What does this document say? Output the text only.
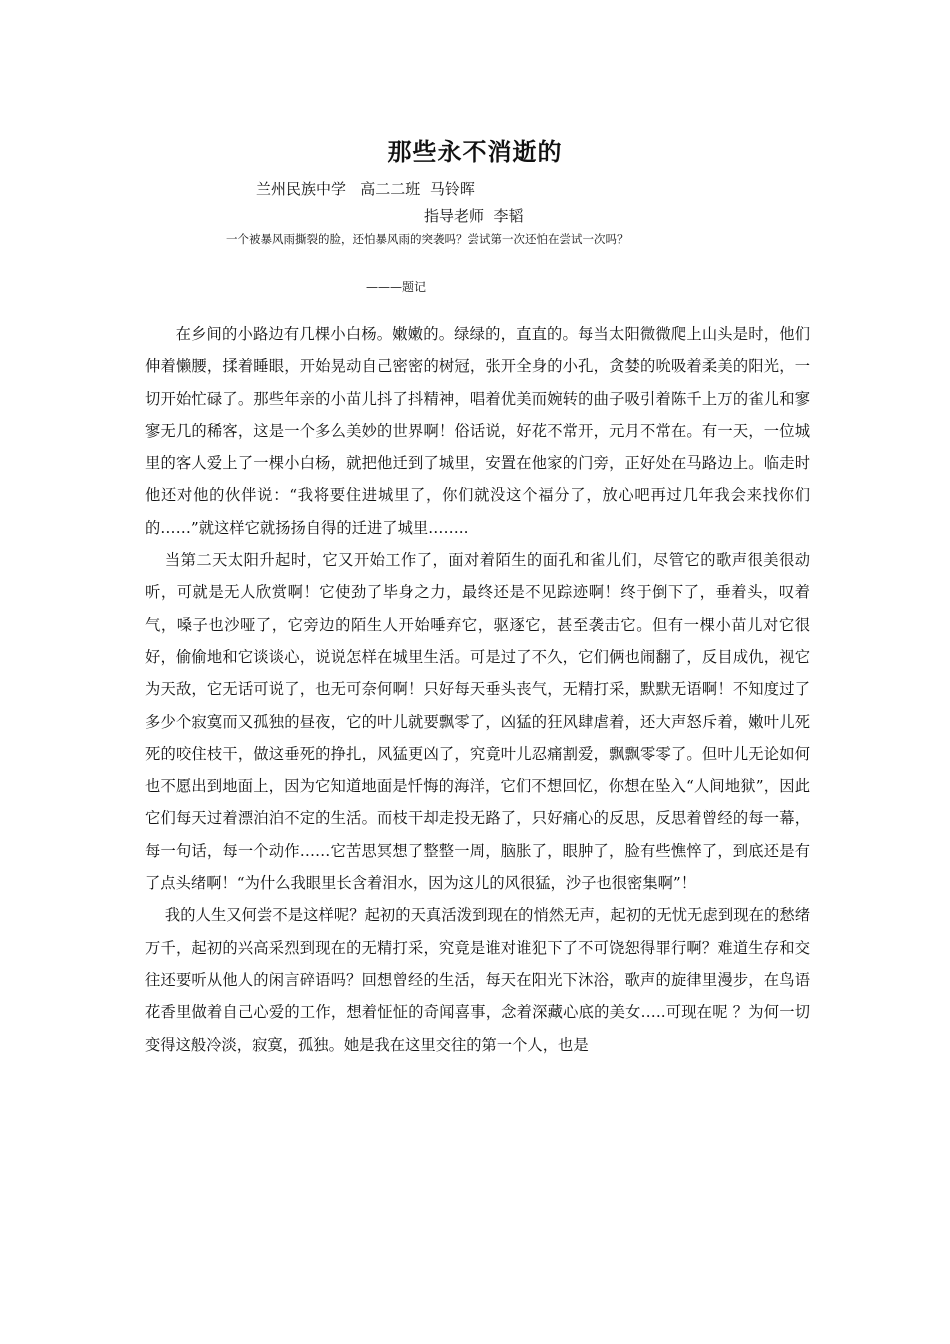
那些永不消逝的

兰州民族中学   高二二班  马铃晖

指导老师  李韬

一个被暴风雨撕裂的脸，还怕暴风雨的突袭吗？尝试第一次还怕在尝试一次吗？

———题记

在乡间的小路边有几棵小白杨。嫩嫩的。绿绿的，直直的。每当太阳微微爬上山头是时，他们伸着懒腰，揉着睡眼，开始晃动自己密密的树冠，张开全身的小孔，贪婪的吮吸着柔美的阳光，一切开始忙碌了。那些年亲的小苗儿抖了抖精神，唱着优美而婉转的曲子吸引着陈千上万的雀儿和寥寥无几的稀客，这是一个多么美妙的世界啊！俗话说，好花不常开，元月不常在。有一天，一位城里的客人爱上了一棵小白杨，就把他迁到了城里，安置在他家的门旁，正好处在马路边上。临走时他还对他的伙伴说：“我将要住进城里了，你们就没这个福分了，放心吧再过几年我会来找你们的……”就这样它就扬扬自得的迁进了城里……..

当第二天太阳升起时，它又开始工作了，面对着陌生的面孔和雀儿们，尽管它的歌声很美很动听，可就是无人欣赏啊！它使劲了毕身之力，最终还是不见踪迹啊！终于倒下了，垂着头，叹着气，嗓子也沙哑了，它旁边的陌生人开始唾弃它，驱逐它，甚至袭击它。但有一棵小苗儿对它很好，偷偷地和它谈谈心，说说怎样在城里生活。可是过了不久，它们俩也闹翻了，反目成仇，视它为天敌，它无话可说了，也无可奈何啊！只好每天垂头丧气，无精打采，默默无语啊！不知度过了多少个寂寞而又孤独的昼夜，它的叶儿就要飘零了，凶猛的狂风肆虐着，还大声怒斥着，嫩叶儿死死的咬住枝干，做这垂死的挣扎，风猛更凶了，究竟叶儿忍痛割爱，飘飘零零了。但叶儿无论如何也不愿出到地面上，因为它知道地面是忏悔的海洋，它们不想回忆，你想在坠入“人间地狱”，因此它们每天过着漂泊泊不定的生活。而枝干却走投无路了，只好痛心的反思，反思着曾经的每一幕，每一句话，每一个动作……它苦思冥想了整整一周，脑胀了，眼肿了，脸有些憔悴了，到底还是有了点头绪啊！“为什么我眼里长含着泪水，因为这儿的风很猛，沙子也很密集啊”！

我的人生又何尝不是这样呢？起初的天真活泼到现在的悄然无声，起初的无忧无虑到现在的愁绪万千，起初的兴高采烈到现在的无精打采，究竟是谁对谁犯下了不可饶恕得罪行啊？难道生存和交往还要听从他人的闲言碎语吗？回想曾经的生活，每天在阳光下沐浴，歌声的旋律里漫步，在鸟语花香里做着自己心爱的工作，想着怔怔的奇闻喜事，念着深藏心底的美女…..可现在呢 ？为何一切变得这般冷淡，寂寞，孤独。她是我在这里交往的第一个人，也是
